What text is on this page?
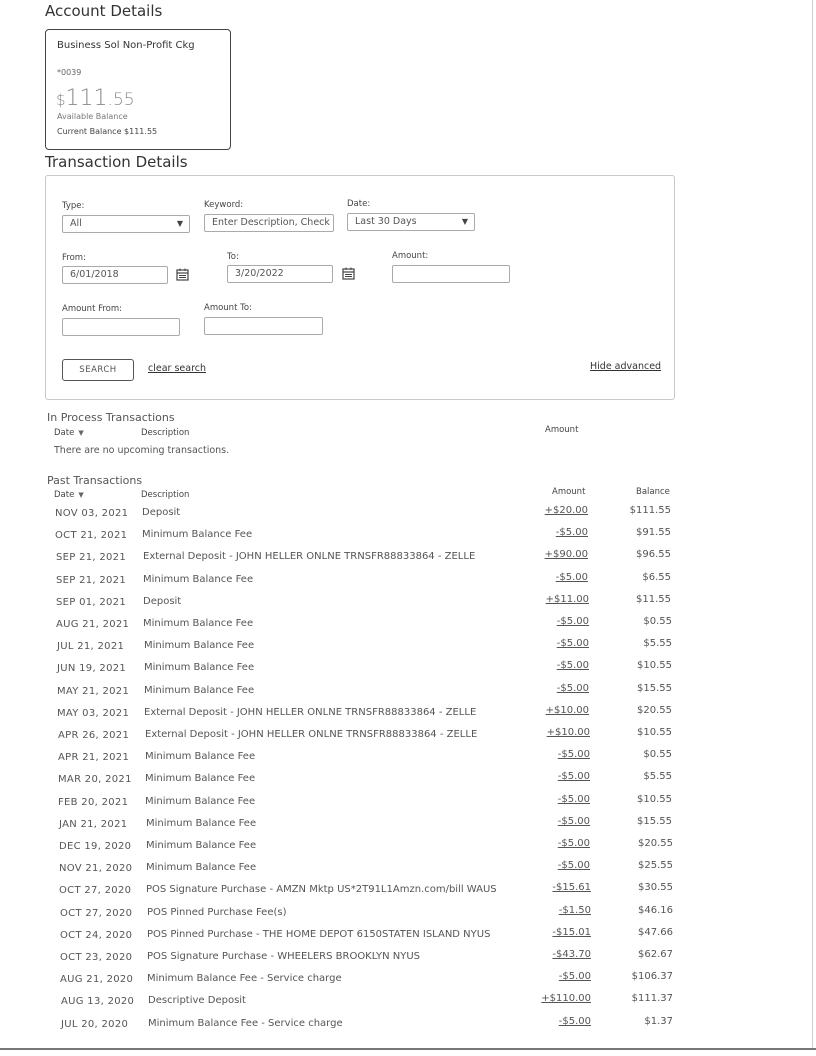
Account Details
Business Sol Non-Profit Ckg
*0039
$111.55
Available Balance
Current Balance $111.55
Transaction Details
Type:
All	▼
Keyword:
Enter Description, Check
Date:
Last 30 Days	▼
From:
6/01/2018
To:
3/20/2022
Amount:
Amount From:	Amount To:
SEARCH	clear search	Hide advanced
In Process Transactions
Date ▼	Description	Amount
There are no upcoming transactions.
Past Transactions
Date ▼	Description	Amount	Balance
NOV 03, 2021 Deposit	+$20.00	$111.55
OCT 21, 2021 Minimum Balance Fee	-$5.00	$91.55
SEP 21, 2021 External Deposit - JOHN HELLER ONLNE TRNSFR88833864 - ZELLE	+$90.00	$96.55
SEP 21, 2021 Minimum Balance Fee	-$5.00	$6.55
SEP 01, 2021 Deposit	+$11.00	$11.55
AUG 21, 2021 Minimum Balance Fee	-$5.00	$0.55
JUL 21, 2021 Minimum Balance Fee	-$5.00	$5.55
JUN 19, 2021 Minimum Balance Fee	-$5.00	$10.55
MAY 21, 2021 Minimum Balance Fee	-$5.00	$15.55
MAY 03, 2021 External Deposit - JOHN HELLER ONLNE TRNSFR88833864 - ZELLE	+$10.00	$20.55
APR 26, 2021 External Deposit - JOHN HELLER ONLNE TRNSFR88833864 - ZELLE	+$10.00	$10.55
APR 21, 2021 Minimum Balance Fee	-$5.00	$0.55
MAR 20, 2021 Minimum Balance Fee	-$5.00	$5.55
FEB 20, 2021 Minimum Balance Fee	-$5.00	$10.55
JAN 21, 2021 Minimum Balance Fee	-$5.00	$15.55
DEC 19, 2020 Minimum Balance Fee	-$5.00	$20.55
NOV 21, 2020 Minimum Balance Fee	-$5.00	$25.55
OCT 27, 2020 POS Signature Purchase - AMZN Mktp US*2T91L1Amzn.com/bill WAUS	-$15.61	$30.55
OCT 27, 2020 POS Pinned Purchase Fee(s)	-$1.50	$46.16
OCT 24, 2020 POS Pinned Purchase - THE HOME DEPOT 6150STATEN ISLAND NYUS	-$15.01	$47.66
OCT 23, 2020 POS Signature Purchase - WHEELERS BROOKLYN NYUS	-$43.70	$62.67
AUG 21, 2020 Minimum Balance Fee - Service charge	-$5.00	$106.37
AUG 13, 2020 Descriptive Deposit	+$110.00	$111.37
JUL 20, 2020 Minimum Balance Fee - Service charge	-$5.00	$1.37
